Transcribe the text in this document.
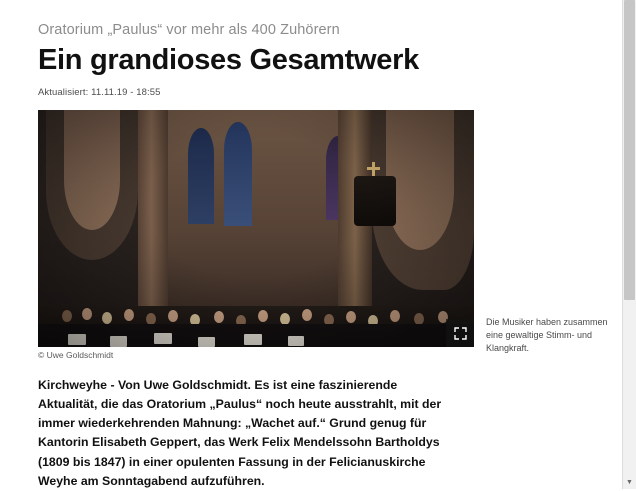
Oratorium „Paulus“ vor mehr als 400 Zuhörern
Ein grandioses Gesamtwerk
Aktualisiert: 11.11.19 - 18:55
© Uwe Goldschmidt
Die Musiker haben zusammen eine gewaltige Stimm- und Klangkraft.

Kirchweyhe - Von Uwe Goldschmidt. Es ist eine faszinierende Aktualität, die das Oratorium „Paulus“ noch heute ausstrahlt, mit der immer wiederkehrenden Mahnung: „Wachet auf.“ Grund genug für Kantorin Elisabeth Geppert, das Werk Felix Mendelssohn Bartholdys (1809 bis 1847) in einer opulenten Fassung in der Felicianuskirche Weyhe am Sonntagabend aufzuführen.	▼
